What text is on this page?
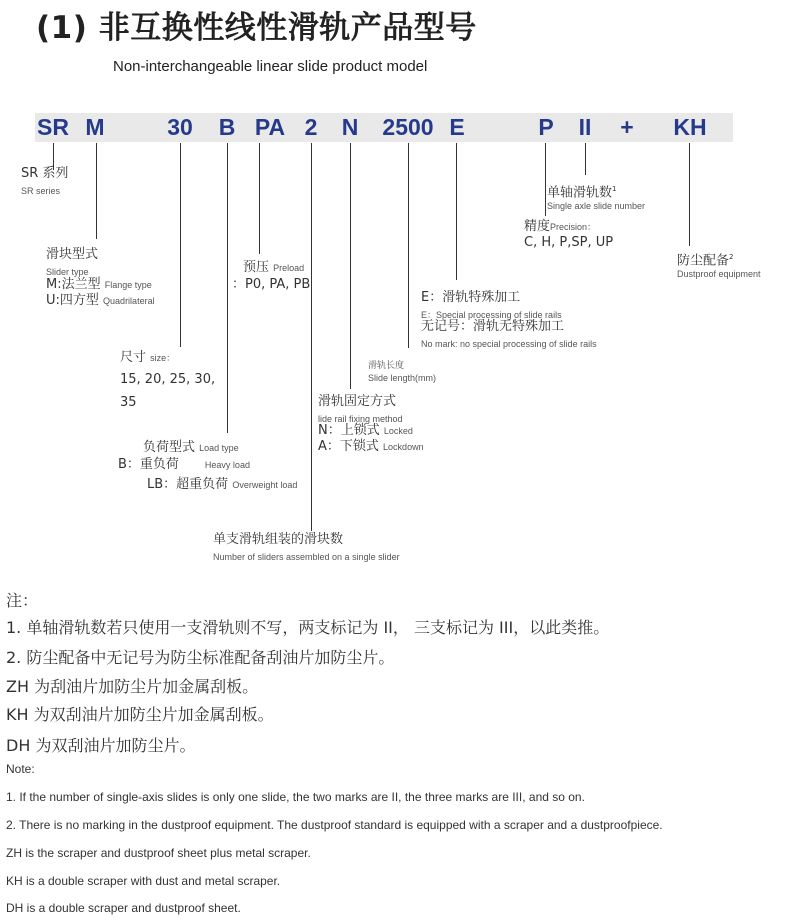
(1) 非互换性线性滑轨产品型号
Non-interchangeable linear slide product model
SR M	30 B PA 2 N 2500 E	P II + KH
SR 系列
SR series
滑块型式
Slider type
M:法兰型 Flange type
U:四方型 Quadrilateral
尺寸 size：
15, 20, 25, 30,
35
负荷型式 Load type
B：重负荷	Heavy load
LB：超重负荷 Overweight load
预压 Preload
：P0, PA, PB
单支滑轨组装的滑块数
Number of sliders assembled on a single slider
滑轨固定方式
lide rail fixing method
N：上锁式 Locked
A：下锁式 Lockdown
滑轨长度
Slide length(mm)
E：滑轨特殊加工
E：Special processing of slide rails
无记号：滑轨无特殊加工
No mark: no special processing of slide rails
精度Precision：
C, H, P,SP, UP
单轴滑轨数$^1$
Single axle slide number
防尘配备$^2$
Dustproof equipment
注：
1. 单轴滑轨数若只使用一支滑轨则不写，两支标记为 II， 三支标记为 III，以此类推。
2. 防尘配备中无记号为防尘标准配备刮油片加防尘片。
ZH 为刮油片加防尘片加金属刮板。
KH 为双刮油片加防尘片加金属刮板。
DH 为双刮油片加防尘片。
Note:
1. If the number of single-axis slides is only one slide, the two marks are II, the three marks are III, and so on.
2. There is no marking in the dustproof equipment. The dustproof standard is equipped with a scraper and a dustproofpiece.
ZH is the scraper and dustproof sheet plus metal scraper.
KH is a double scraper with dust and metal scraper.
DH is a double scraper and dustproof sheet.
